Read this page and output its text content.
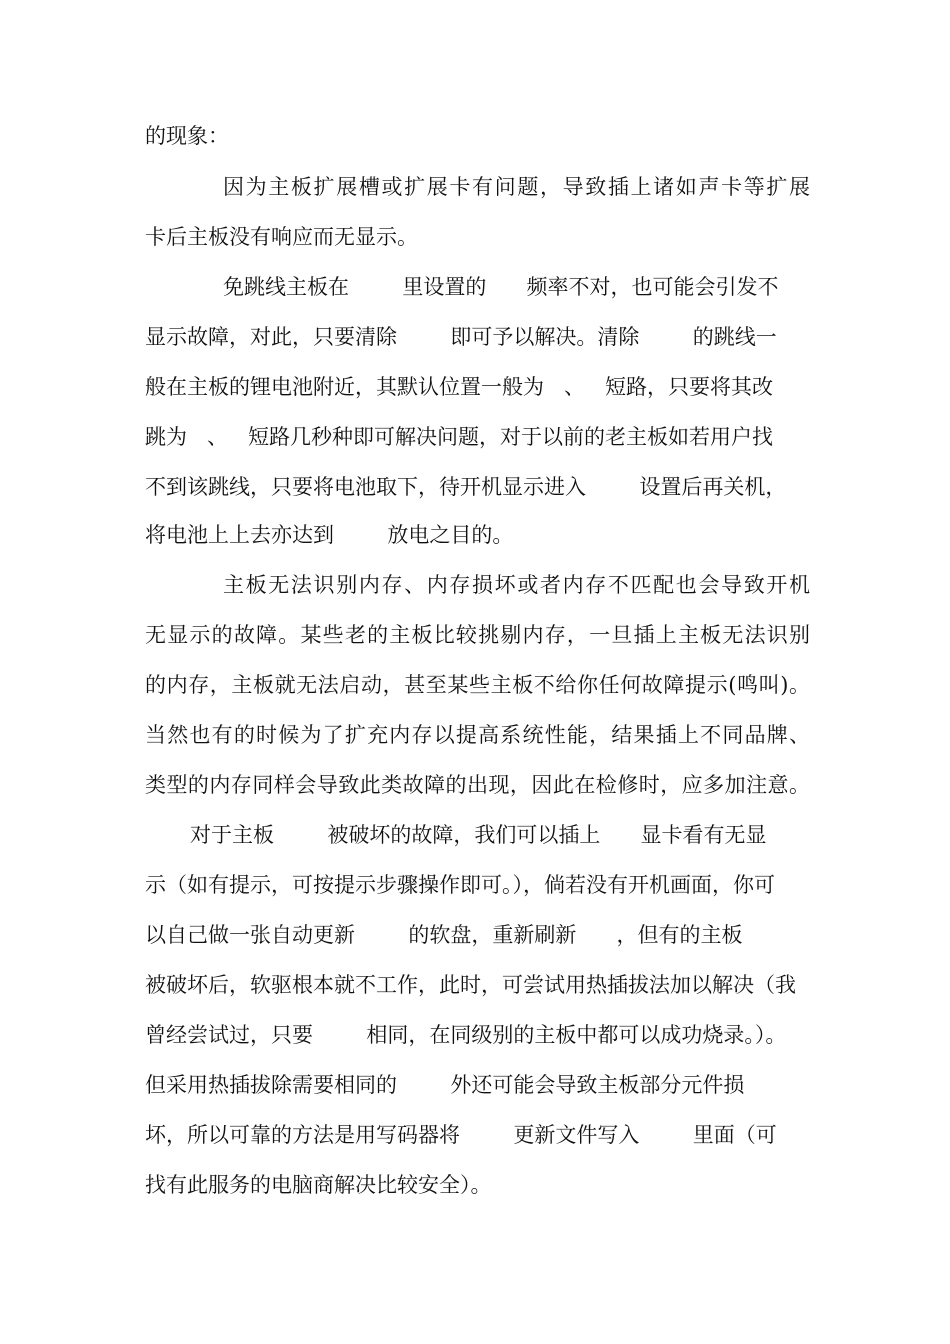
的现象：
因为主板扩展槽或扩展卡有问题，导致插上诸如声卡等扩展
卡后主板没有响应而无显示。
免跳线主板在        里设置的      频率不对，也可能会引发不
显示故障，对此，只要清除        即可予以解决。清除        的跳线一
般在主板的锂电池附近，其默认位置一般为   、   短路，只要将其改
跳为   、   短路几秒种即可解决问题，对于以前的老主板如若用户找
不到该跳线，只要将电池取下，待开机显示进入        设置后再关机，
将电池上上去亦达到        放电之目的。
主板无法识别内存、内存损坏或者内存不匹配也会导致开机
无显示的故障。某些老的主板比较挑剔内存，一旦插上主板无法识别
的内存，主板就无法启动，甚至某些主板不给你任何故障提示(鸣叫)。
当然也有的时候为了扩充内存以提高系统性能，结果插上不同品牌、
类型的内存同样会导致此类故障的出现，因此在检修时，应多加注意。
对于主板        被破坏的故障，我们可以插上      显卡看有无显
示（如有提示，可按提示步骤操作即可。），倘若没有开机画面，你可
以自己做一张自动更新        的软盘，重新刷新      ，但有的主板
被破坏后，软驱根本就不工作，此时，可尝试用热插拔法加以解决（我
曾经尝试过，只要        相同，在同级别的主板中都可以成功烧录。）。
但采用热插拔除需要相同的        外还可能会导致主板部分元件损
坏，所以可靠的方法是用写码器将        更新文件写入        里面（可
找有此服务的电脑商解决比较安全）。
